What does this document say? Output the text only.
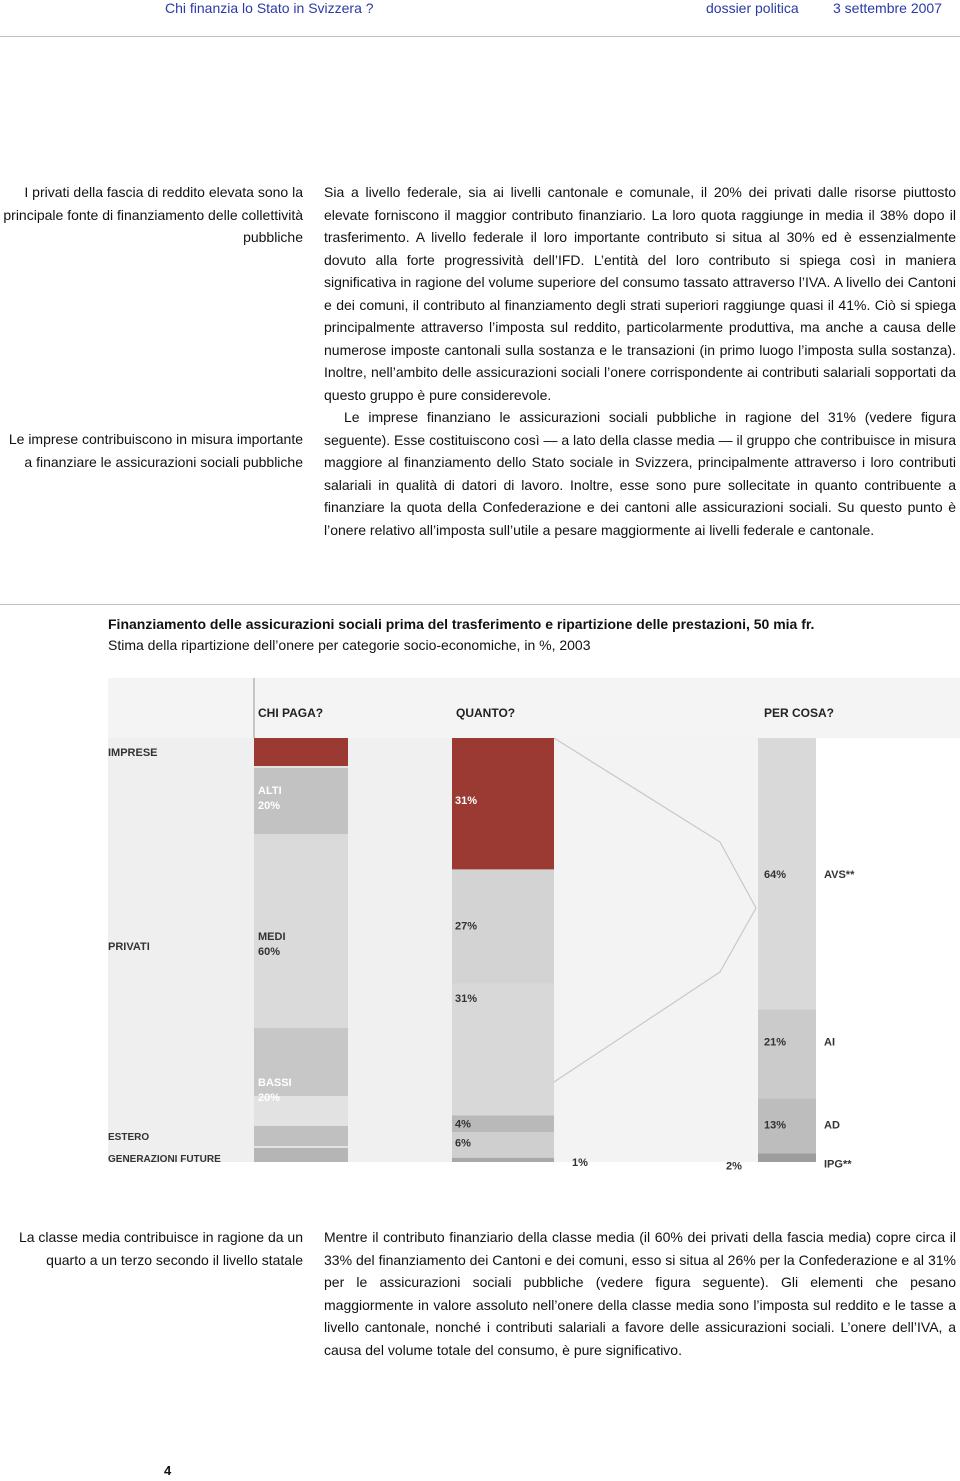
Chi finanzia lo Stato in Svizzera ?	dossier politica 3 settembre 2007
I privati della fascia di reddito elevata sono la principale fonte di finanziamento delle collettività pubbliche
Le imprese contribuiscono in misura importante a finanziare le assicurazioni sociali pubbliche

Sia a livello federale, sia ai livelli cantonale e comunale, il 20% dei privati dalle risorse piuttosto elevate forniscono il maggior contributo finanziario. La loro quota raggiunge in media il 38% dopo il trasferimento. A livello federale il loro importante contributo si situa al 30% ed è essenzialmente dovuto alla forte progressività dell’IFD. L’entità del loro contributo si spiega così in maniera significativa in ragione del volume superiore del consumo tassato attraverso l’IVA. A livello dei Cantoni e dei comuni, il contributo al finanziamento degli strati superiori raggiunge quasi il 41%. Ciò si spiega principalmente attraverso l’imposta sul reddito, particolarmente produttiva, ma anche a causa delle numerose imposte cantonali sulla sostanza e le transazioni (in primo luogo l’imposta sulla sostanza). Inoltre, nell’ambito delle assicurazioni sociali l’onere corrispondente ai contributi salariali sopportati da questo gruppo è pure considerevole.

Le imprese finanziano le assicurazioni sociali pubbliche in ragione del 31% (vedere figura seguente). Esse costituiscono così — a lato della classe media — il gruppo che contribuisce in misura maggiore al finanziamento dello Stato sociale in Svizzera, principalmente attraverso i loro contributi salariali in qualità di datori di lavoro. Inoltre, esse sono pure sollecitate in quanto contribuente a finanziare la quota della Confederazione e dei cantoni alle assicurazioni sociali. Su questo punto è l’onere relativo all’imposta sull’utile a pesare maggiormente ai livelli federale e cantonale.

Finanziamento delle assicurazioni sociali prima del trasferimento e ripartizione delle prestazioni, 50 mia fr.
Stima della ripartizione dell’onere per categorie socio-economiche, in %, 2003
CHI PAGA?	QUANTO?	PER COSA?
IMPRESE
PRIVATI
ALTI
20%
MEDI
60%
BASSI
20%
ESTERO
GENERAZIONI FUTURE
31%
27%
31%
4%
6%
1%
64%
21%
13%
2%
AVS**
AI
AD
IPG**
La classe media contribuisce in ragione da un quarto a un terzo secondo il livello statale

Mentre il contributo finanziario della classe media (il 60% dei privati della fascia media) copre circa il 33% del finanziamento dei Cantoni e dei comuni, esso si situa al 26% per la Confederazione e al 31% per le assicurazioni sociali pubbliche (vedere figura seguente). Gli elementi che pesano maggiormente in valore assoluto nell’onere della classe media sono l’imposta sul reddito e le tasse a livello cantonale, nonché i contributi salariali a favore delle assicurazioni sociali. L’onere dell’IVA, a causa del volume totale del consumo, è pure significativo.

4
